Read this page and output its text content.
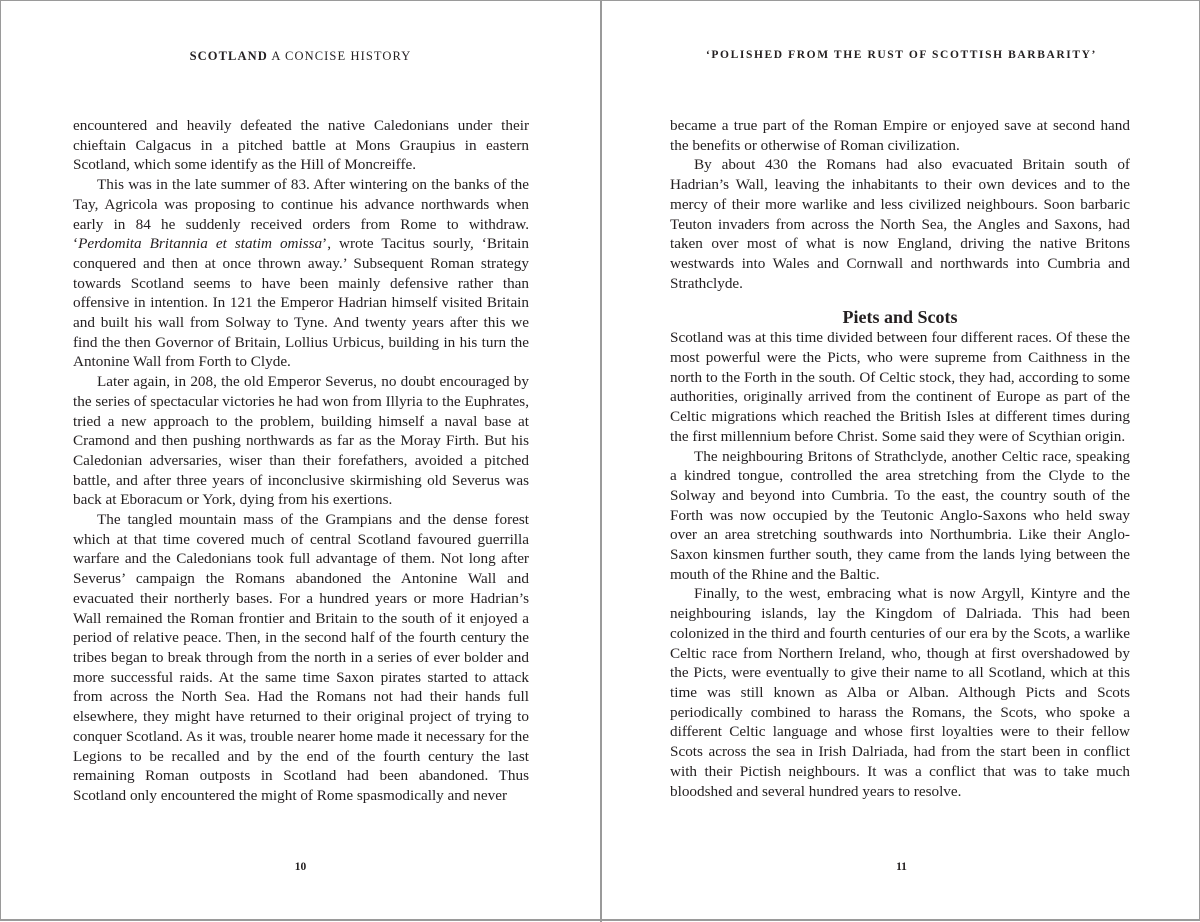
SCOTLAND A CONCISE HISTORY

encountered and heavily defeated the native Caledonians under their chieftain Calgacus in a pitched battle at Mons Graupius in eastern Scotland, which some identify as the Hill of Moncreiffe.

This was in the late summer of 83. After wintering on the banks of the Tay, Agricola was proposing to continue his advance northwards when early in 84 he suddenly received orders from Rome to withdraw. ‘Perdomita Britannia et statim omissa’, wrote Tacitus sourly, ‘Britain conquered and then at once thrown away.’ Subsequent Roman strategy towards Scotland seems to have been mainly defensive rather than offensive in intention. In 121 the Emperor Hadrian himself visited Britain and built his wall from Solway to Tyne. And twenty years after this we find the then Governor of Britain, Lollius Urbicus, building in his turn the Antonine Wall from Forth to Clyde.

Later again, in 208, the old Emperor Severus, no doubt encouraged by the series of spectacular victories he had won from Illyria to the Euphrates, tried a new approach to the problem, building himself a naval base at Cramond and then pushing northwards as far as the Moray Firth. But his Caledonian adversaries, wiser than their forefathers, avoided a pitched battle, and after three years of inconclusive skirmishing old Severus was back at Eboracum or York, dying from his exertions.

The tangled mountain mass of the Grampians and the dense forest which at that time covered much of central Scotland favoured guerrilla warfare and the Caledonians took full advantage of them. Not long after Severus’ campaign the Romans abandoned the Antonine Wall and evacuated their northerly bases. For a hundred years or more Hadrian’s Wall remained the Roman frontier and Britain to the south of it enjoyed a period of relative peace. Then, in the second half of the fourth century the tribes began to break through from the north in a series of ever bolder and more successful raids. At the same time Saxon pirates started to attack from across the North Sea. Had the Romans not had their hands full elsewhere, they might have returned to their original project of trying to conquer Scotland. As it was, trouble nearer home made it necessary for the Legions to be recalled and by the end of the fourth century the last remaining Roman outposts in Scotland had been abandoned. Thus Scotland only encountered the might of Rome spasmodically and never

10
‘POLISHED FROM THE RUST OF SCOTTISH BARBARITY’

became a true part of the Roman Empire or enjoyed save at second hand the benefits or otherwise of Roman civilization.

By about 430 the Romans had also evacuated Britain south of Hadrian’s Wall, leaving the inhabitants to their own devices and to the mercy of their more warlike and less civilized neighbours. Soon barbaric Teuton invaders from across the North Sea, the Angles and Saxons, had taken over most of what is now England, driving the native Britons westwards into Wales and Cornwall and northwards into Cumbria and Strathclyde.

Piets and Scots

Scotland was at this time divided between four different races. Of these the most powerful were the Picts, who were supreme from Caithness in the north to the Forth in the south. Of Celtic stock, they had, according to some authorities, originally arrived from the continent of Europe as part of the Celtic migrations which reached the British Isles at different times during the first millennium before Christ. Some said they were of Scythian origin.

The neighbouring Britons of Strathclyde, another Celtic race, speaking a kindred tongue, controlled the area stretching from the Clyde to the Solway and beyond into Cumbria. To the east, the country south of the Forth was now occupied by the Teutonic Anglo-Saxons who held sway over an area stretching southwards into Northumbria. Like their Anglo-Saxon kinsmen further south, they came from the lands lying between the mouth of the Rhine and the Baltic.

Finally, to the west, embracing what is now Argyll, Kintyre and the neighbouring islands, lay the Kingdom of Dalriada. This had been colonized in the third and fourth centuries of our era by the Scots, a warlike Celtic race from Northern Ireland, who, though at first overshadowed by the Picts, were eventually to give their name to all Scotland, which at this time was still known as Alba or Alban. Although Picts and Scots periodically combined to harass the Romans, the Scots, who spoke a different Celtic language and whose first loyalties were to their fellow Scots across the sea in Irish Dalriada, had from the start been in conflict with their Pictish neighbours. It was a conflict that was to take much bloodshed and several hundred years to resolve.

11
